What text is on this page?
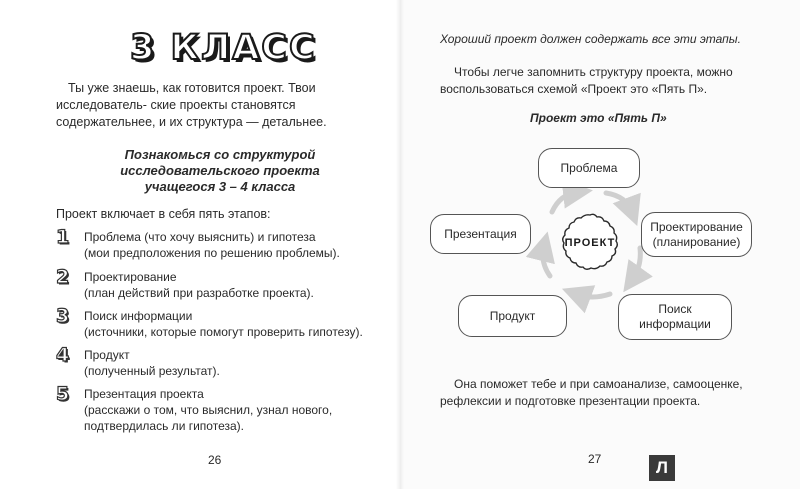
3 КЛАСС

Ты уже знаешь, как готовится проект. Твои исследователь- ские проекты становятся содержательнее, и их структура — детальнее.

Познакомься со структурой исследовательского проекта учащегося 3 – 4 класса

Проект включает в себя пять этапов:

1 Проблема (что хочу выяснить) и гипотеза
(мои предположения по решению проблемы).
2 Проектирование
(план действий при разработке проекта).
3 Поиск информации
(источники, которые помогут проверить гипотезу).
4 Продукт
(полученный результат).
5 Презентация проекта
(расскажи о том, что выяснил, узнал нового,
подтвердилась ли гипотеза).
26

Хороший проект должен содержать все эти этапы.

Чтобы легче запомнить структуру проекта, можно воспользоваться схемой «Проект это «Пять П».

Проект это «Пять П»

Проблема
Проектирование
(планирование)
Поиск
информации
Продукт
Презентация
ПРОЕКТ

Она поможет тебе и при самоанализе, самооценке, рефлексии и подготовке презентации проекта.

27	Л
